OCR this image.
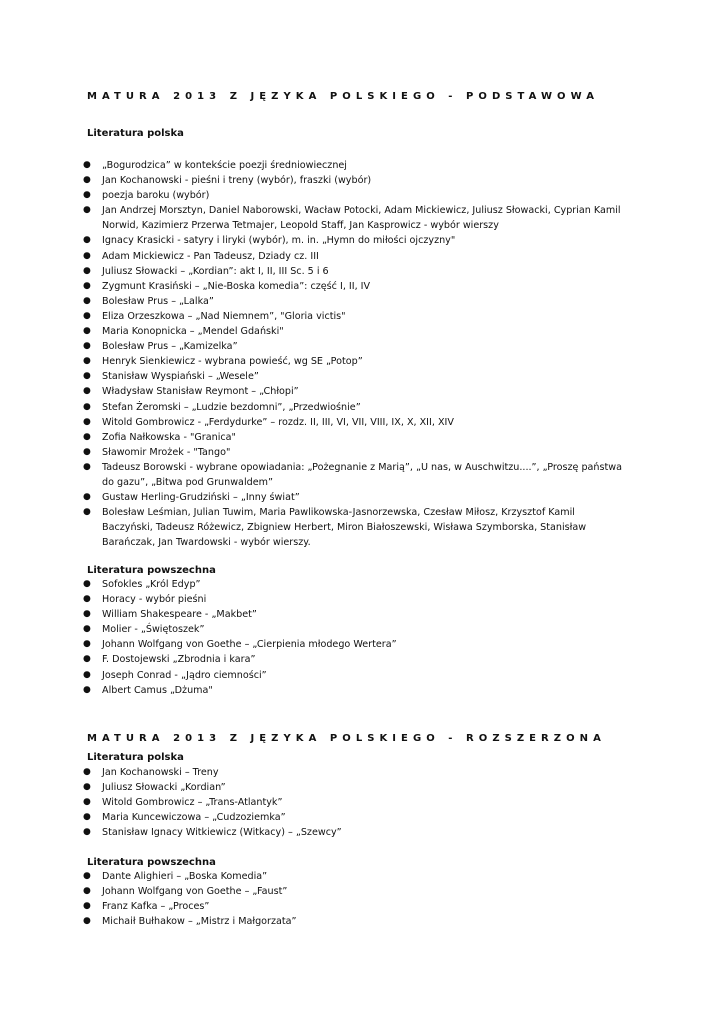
MATURA 2013 Z JĘZYKA POLSKIEGO - PODSTAWOWA
Literatura polska
●
„Bogurodzica” w kontekście poezji średniowiecznej
●
Jan Kochanowski - pieśni i treny (wybór), fraszki (wybór)
●
poezja baroku (wybór)
●
Jan Andrzej Morsztyn, Daniel Naborowski, Wacław Potocki, Adam Mickiewicz, Juliusz Słowacki, Cyprian Kamil
Norwid, Kazimierz Przerwa Tetmajer, Leopold Staff, Jan Kasprowicz - wybór wierszy
●
Ignacy Krasicki - satyry i liryki (wybór), m. in. „Hymn do miłości ojczyzny"
●
Adam Mickiewicz - Pan Tadeusz, Dziady cz. III
●
Juliusz Słowacki – „Kordian”: akt I, II, III Sc. 5 i 6
●
Zygmunt Krasiński – „Nie-Boska komedia”: część I, II, IV
●
Bolesław Prus – „Lalka”
●
Eliza Orzeszkowa – „Nad Niemnem”, "Gloria victis"
●
Maria Konopnicka – „Mendel Gdański"
●
Bolesław Prus – „Kamizelka”
●
Henryk Sienkiewicz - wybrana powieść, wg SE „Potop”
●
Stanisław Wyspiański – „Wesele”
●
Władysław Stanisław Reymont – „Chłopi”
●
Stefan Żeromski – „Ludzie bezdomni”, „Przedwiośnie”
●
Witold Gombrowicz - „Ferdydurke” – rozdz. II, III, VI, VII, VIII, IX, X, XII, XIV
●
Zofia Nałkowska - "Granica"
●
Sławomir Mrożek - "Tango"
●
Tadeusz Borowski - wybrane opowiadania: „Pożegnanie z Marią”, „U nas, w Auschwitzu....”, „Proszę państwa
do gazu”, „Bitwa pod Grunwaldem”
●
Gustaw Herling-Grudziński – „Inny świat”
●
Bolesław Leśmian, Julian Tuwim, Maria Pawlikowska-Jasnorzewska, Czesław Miłosz, Krzysztof Kamil
Baczyński, Tadeusz Różewicz, Zbigniew Herbert, Miron Białoszewski, Wisława Szymborska, Stanisław
Barańczak, Jan Twardowski - wybór wierszy.
Literatura powszechna
●
Sofokles „Król Edyp”
●
Horacy - wybór pieśni
●
William Shakespeare - „Makbet”
●
Molier - „Świętoszek”
●
Johann Wolfgang von Goethe – „Cierpienia młodego Wertera”
●
F. Dostojewski „Zbrodnia i kara”
●
Joseph Conrad - „Jądro ciemności”
●
Albert Camus „Dżuma"
MATURA 2013 Z JĘZYKA POLSKIEGO - ROZSZERZONA
Literatura polska
●
Jan Kochanowski – Treny
●
Juliusz Słowacki „Kordian”
●
Witold Gombrowicz – „Trans-Atlantyk”
●
Maria Kuncewiczowa – „Cudzoziemka”
●
Stanisław Ignacy Witkiewicz (Witkacy) – „Szewcy”
Literatura powszechna
●
Dante Alighieri – „Boska Komedia”
●
Johann Wolfgang von Goethe – „Faust”
●
Franz Kafka – „Proces”
●
Michaił Bułhakow – „Mistrz i Małgorzata”
